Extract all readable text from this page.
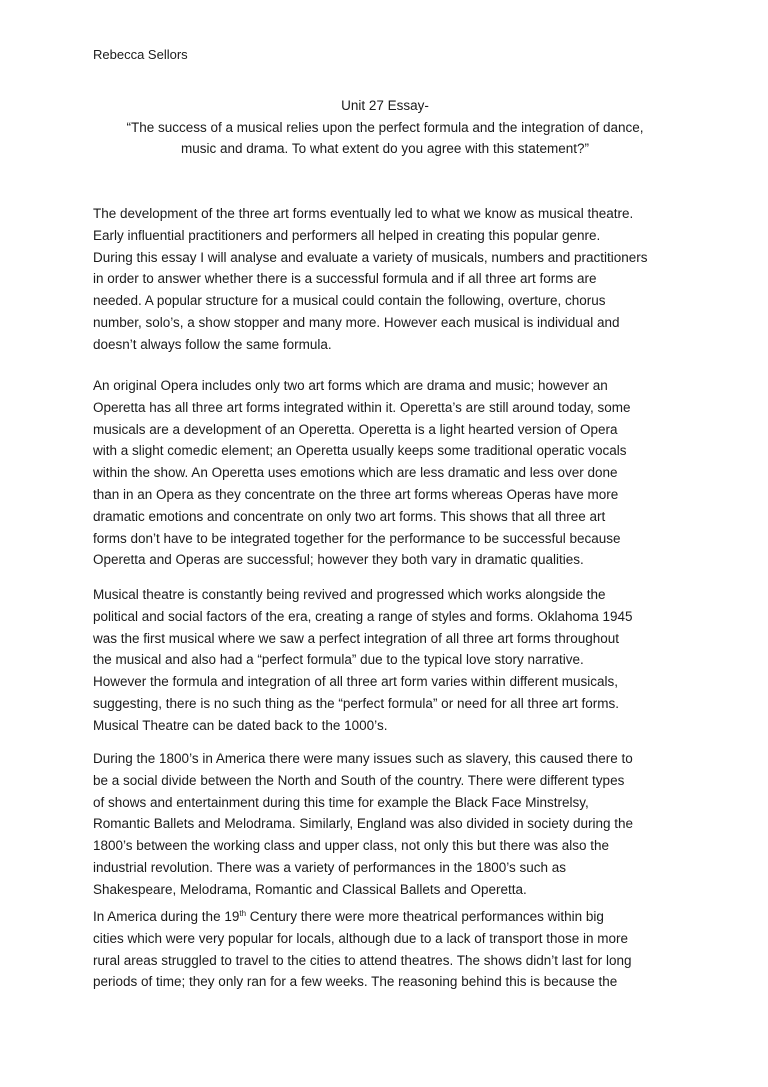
Rebecca Sellors
Unit 27 Essay-
“The success of a musical relies upon the perfect formula and the integration of dance,
music and drama. To what extent do you agree with this statement?”
The development of the three art forms eventually led to what we know as musical theatre.
Early influential practitioners and performers all helped in creating this popular genre.
During this essay I will analyse and evaluate a variety of musicals, numbers and practitioners
in order to answer whether there is a successful formula and if all three art forms are
needed. A popular structure for a musical could contain the following, overture, chorus
number, solo’s, a show stopper and many more. However each musical is individual and
doesn’t always follow the same formula.
An original Opera includes only two art forms which are drama and music; however an
Operetta has all three art forms integrated within it. Operetta’s are still around today, some
musicals are a development of an Operetta. Operetta is a light hearted version of Opera
with a slight comedic element; an Operetta usually keeps some traditional operatic vocals
within the show. An Operetta uses emotions which are less dramatic and less over done
than in an Opera as they concentrate on the three art forms whereas Operas have more
dramatic emotions and concentrate on only two art forms. This shows that all three art
forms don’t have to be integrated together for the performance to be successful because
Operetta and Operas are successful; however they both vary in dramatic qualities.
Musical theatre is constantly being revived and progressed which works alongside the
political and social factors of the era, creating a range of styles and forms. Oklahoma 1945
was the first musical where we saw a perfect integration of all three art forms throughout
the musical and also had a “perfect formula” due to the typical love story narrative.
However the formula and integration of all three art form varies within different musicals,
suggesting, there is no such thing as the “perfect formula” or need for all three art forms.
Musical Theatre can be dated back to the 1000’s.
During the 1800’s in America there were many issues such as slavery, this caused there to
be a social divide between the North and South of the country. There were different types
of shows and entertainment during this time for example the Black Face Minstrelsy,
Romantic Ballets and Melodrama. Similarly, England was also divided in society during the
1800’s between the working class and upper class, not only this but there was also the
industrial revolution. There was a variety of performances in the 1800’s such as
Shakespeare, Melodrama, Romantic and Classical Ballets and Operetta.
In America during the 19th Century there were more theatrical performances within big
cities which were very popular for locals, although due to a lack of transport those in more
rural areas struggled to travel to the cities to attend theatres. The shows didn’t last for long
periods of time; they only ran for a few weeks. The reasoning behind this is because the
